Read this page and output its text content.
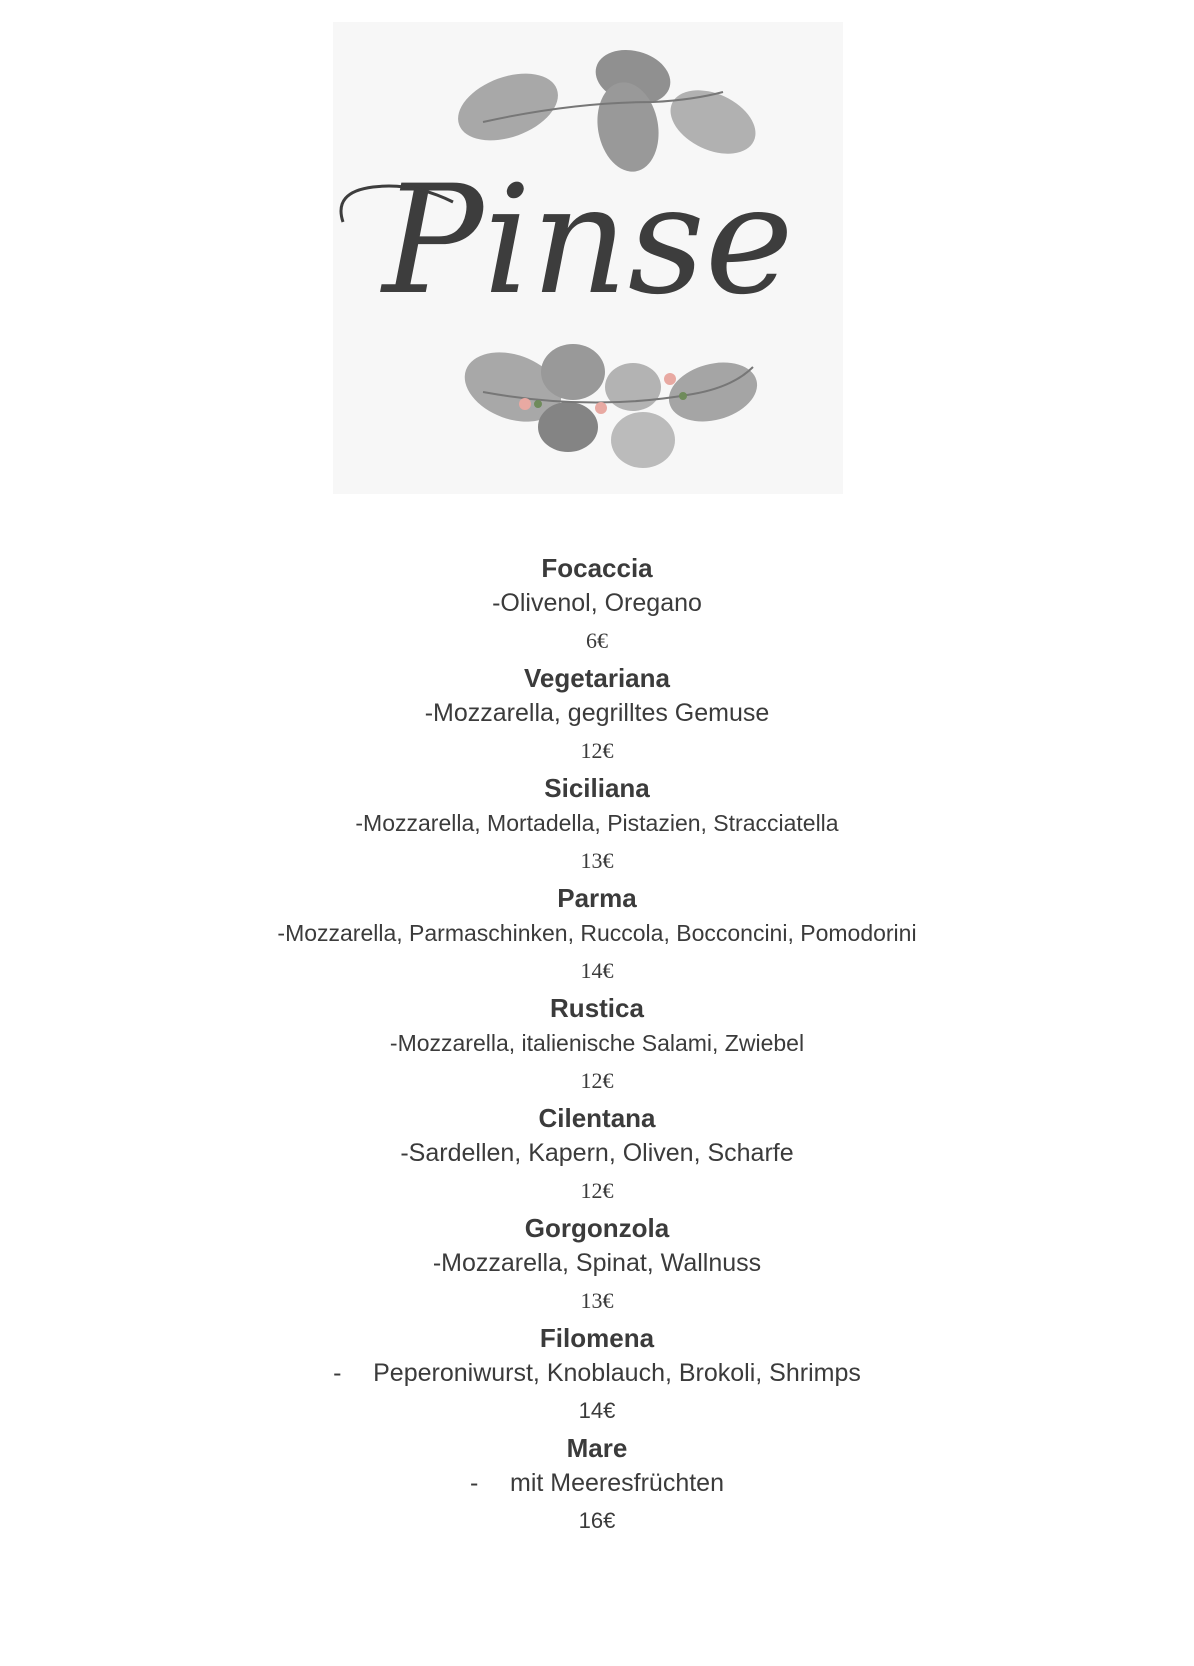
Pinse
Focaccia
-Olivenol, Oregano
6€
Vegetariana
-Mozzarella, gegrilltes Gemuse
12€
Siciliana
-Mozzarella, Mortadella, Pistazien, Stracciatella
13€
Parma
-Mozzarella, Parmaschinken, Ruccola, Bocconcini, Pomodorini
14€
Rustica
-Mozzarella, italienische Salami, Zwiebel
12€
Cilentana
-Sardellen, Kapern, Oliven, Scharfe
12€
Gorgonzola
-Mozzarella, Spinat, Wallnuss
13€
Filomena
- Peperoniwurst, Knoblauch, Brokoli, Shrimps
14€
Mare
- mit Meeresfrüchten
16€
